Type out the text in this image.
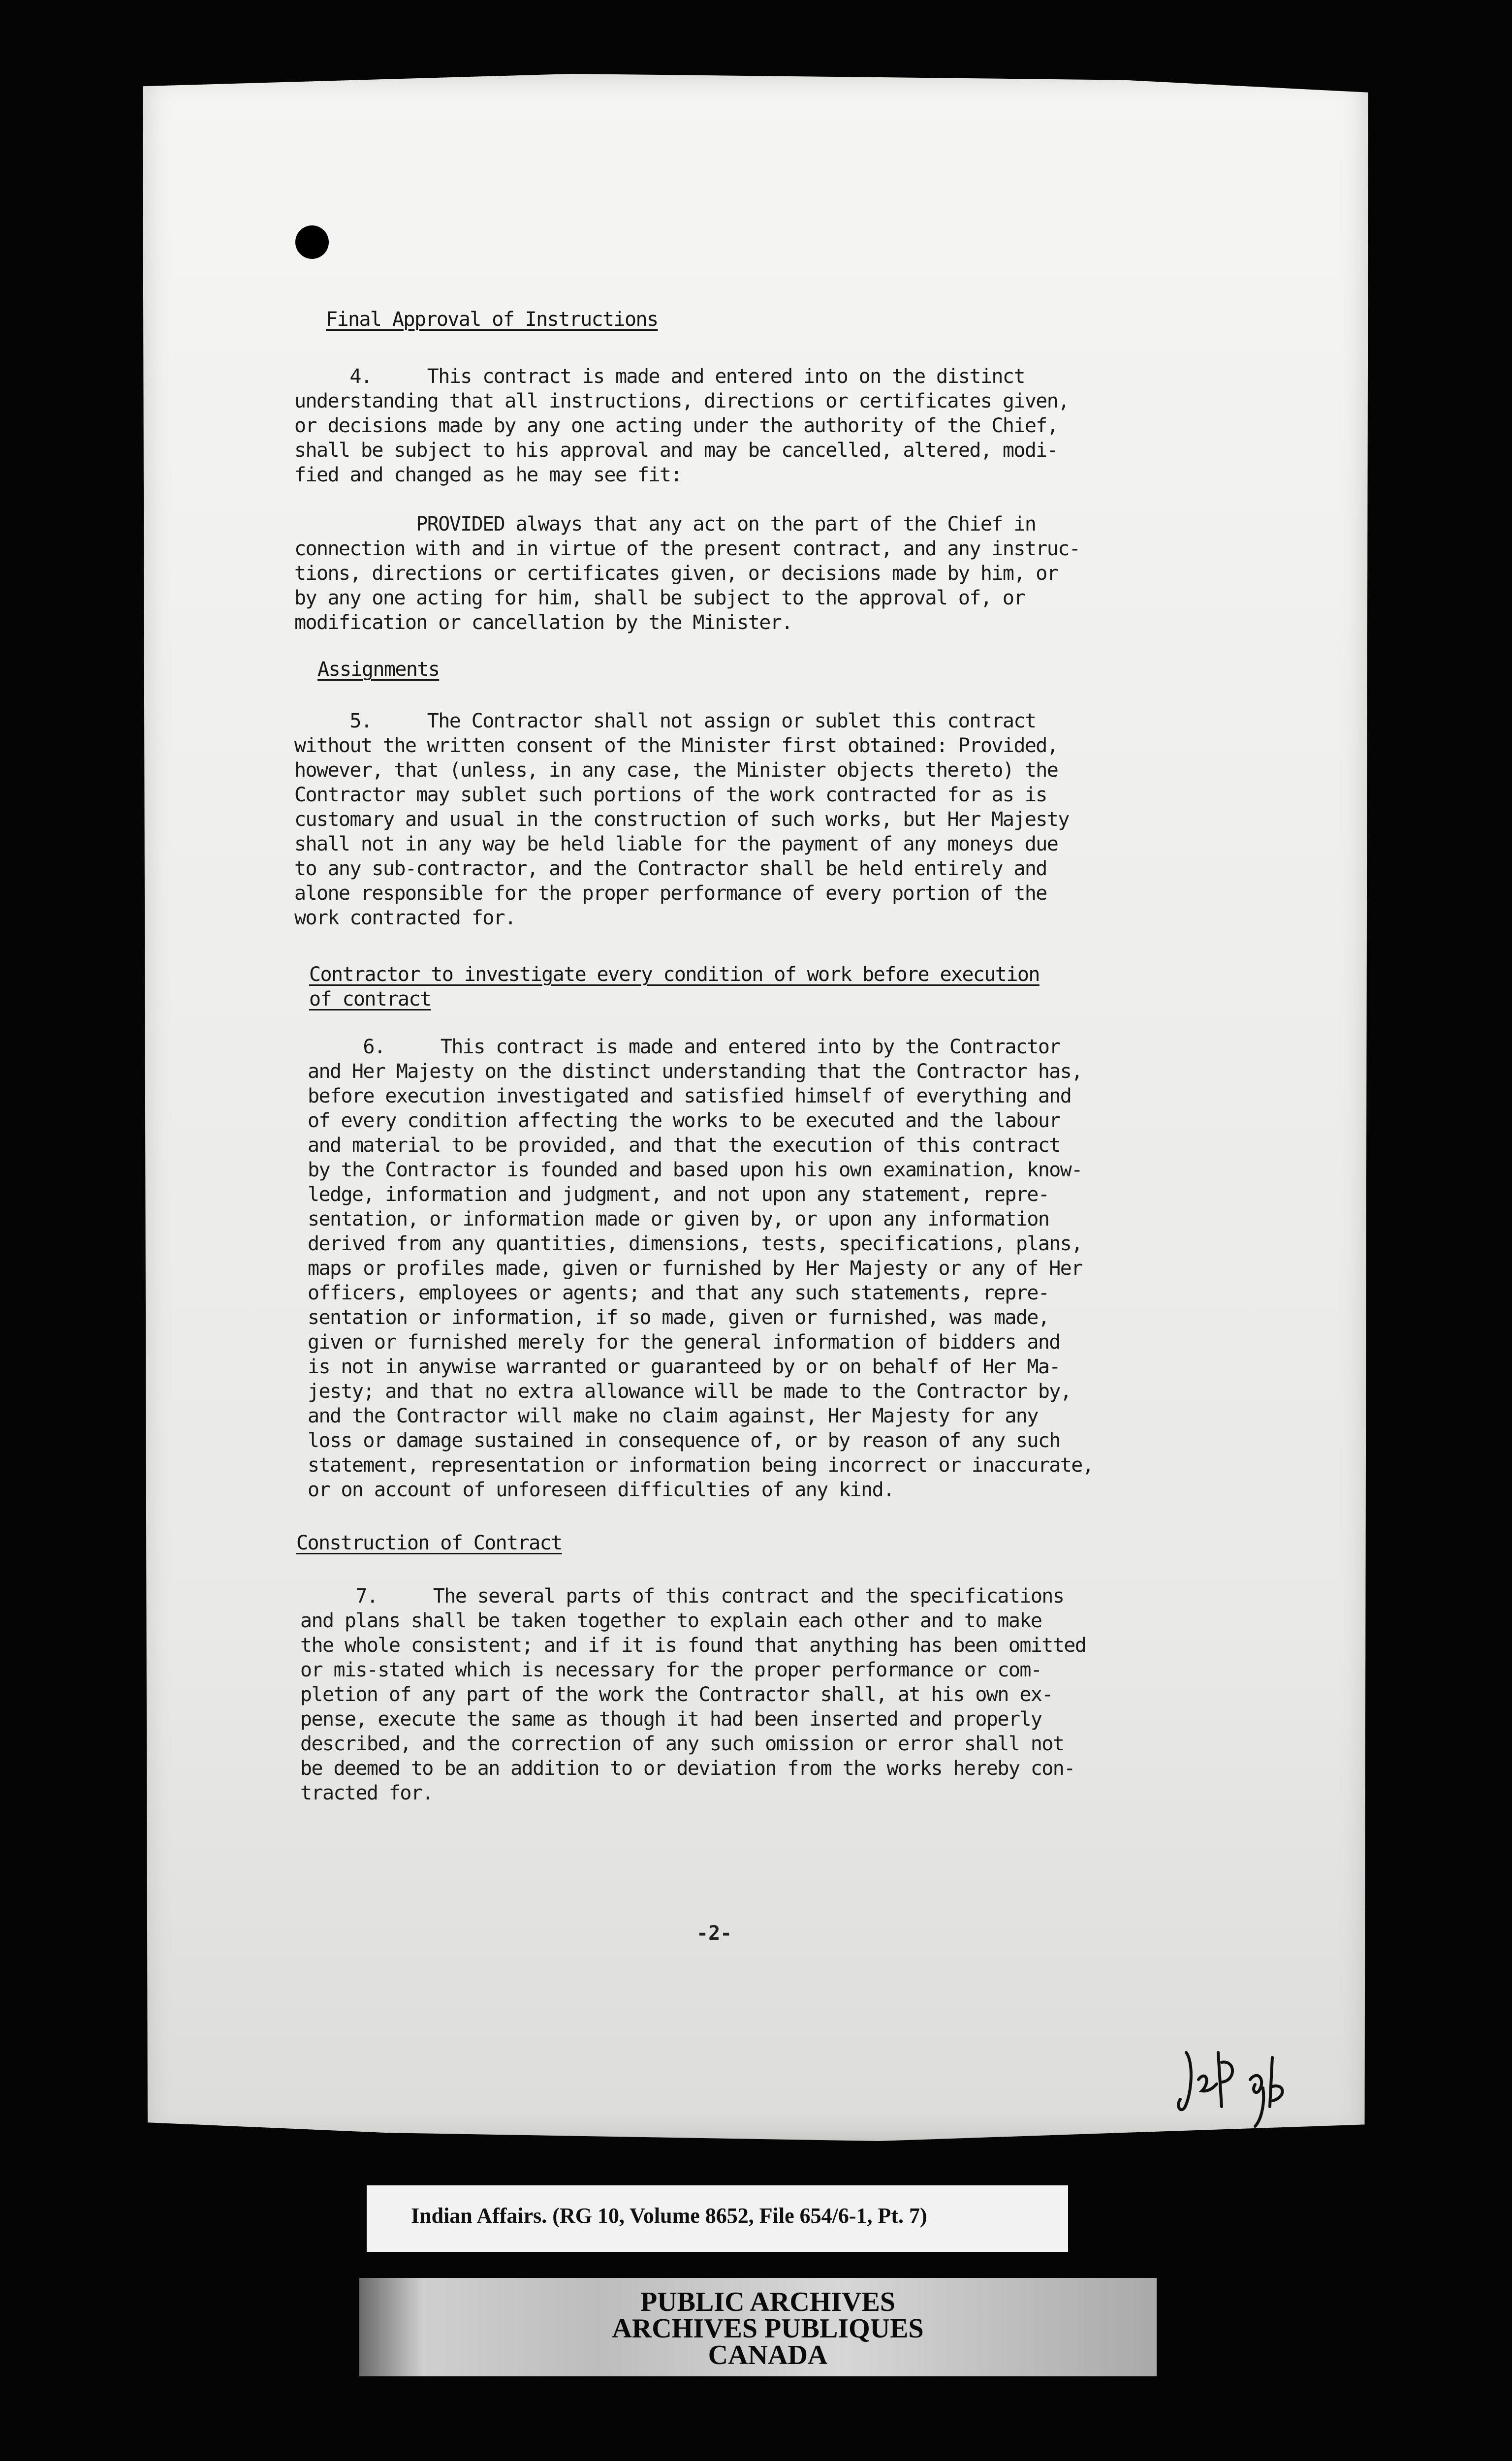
Final Approval of Instructions
4.     This contract is made and entered into on the distinct
understanding that all instructions, directions or certificates given,
or decisions made by any one acting under the authority of the Chief,
shall be subject to his approval and may be cancelled, altered, modi-
fied and changed as he may see fit:
PROVIDED always that any act on the part of the Chief in
connection with and in virtue of the present contract, and any instruc-
tions, directions or certificates given, or decisions made by him, or
by any one acting for him, shall be subject to the approval of, or
modification or cancellation by the Minister.
Assignments
5.     The Contractor shall not assign or sublet this contract
without the written consent of the Minister first obtained: Provided,
however, that (unless, in any case, the Minister objects thereto) the
Contractor may sublet such portions of the work contracted for as is
customary and usual in the construction of such works, but Her Majesty
shall not in any way be held liable for the payment of any moneys due
to any sub-contractor, and the Contractor shall be held entirely and
alone responsible for the proper performance of every portion of the
work contracted for.
Contractor to investigate every condition of work before execution
of contract
6.     This contract is made and entered into by the Contractor
and Her Majesty on the distinct understanding that the Contractor has,
before execution investigated and satisfied himself of everything and
of every condition affecting the works to be executed and the labour
and material to be provided, and that the execution of this contract
by the Contractor is founded and based upon his own examination, know-
ledge, information and judgment, and not upon any statement, repre-
sentation, or information made or given by, or upon any information
derived from any quantities, dimensions, tests, specifications, plans,
maps or profiles made, given or furnished by Her Majesty or any of Her
officers, employees or agents; and that any such statements, repre-
sentation or information, if so made, given or furnished, was made,
given or furnished merely for the general information of bidders and
is not in anywise warranted or guaranteed by or on behalf of Her Ma-
jesty; and that no extra allowance will be made to the Contractor by,
and the Contractor will make no claim against, Her Majesty for any
loss or damage sustained in consequence of, or by reason of any such
statement, representation or information being incorrect or inaccurate,
or on account of unforeseen difficulties of any kind.
Construction of Contract
7.     The several parts of this contract and the specifications
and plans shall be taken together to explain each other and to make
the whole consistent; and if it is found that anything has been omitted
or mis-stated which is necessary for the proper performance or com-
pletion of any part of the work the Contractor shall, at his own ex-
pense, execute the same as though it had been inserted and properly
described, and the correction of any such omission or error shall not
be deemed to be an addition to or deviation from the works hereby con-
tracted for.
-2-
Indian Affairs. (RG 10, Volume 8652, File 654/6-1, Pt. 7)
PUBLIC ARCHIVES
ARCHIVES PUBLIQUES
CANADA
